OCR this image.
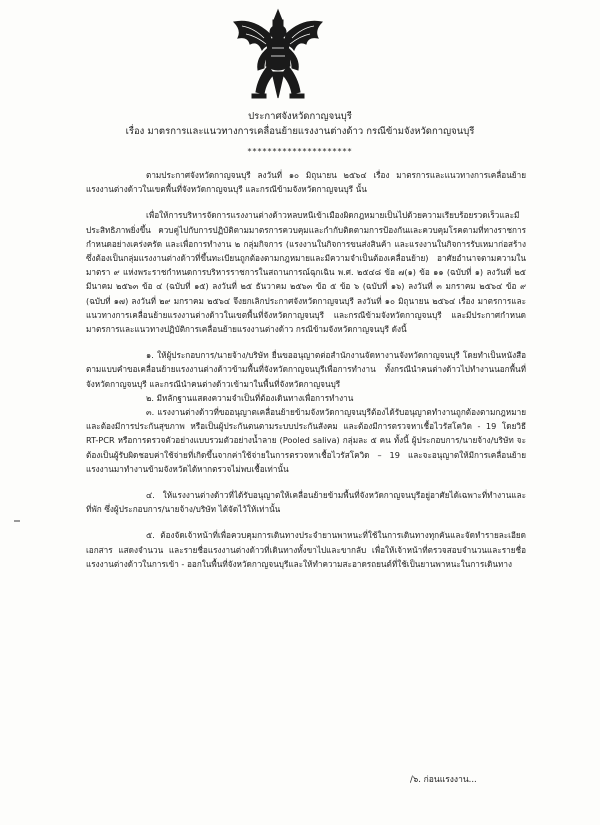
ประกาศจังหวัดกาญจนบุรี
เรื่อง มาตรการและแนวทางการเคลื่อนย้ายแรงงานต่างด้าว กรณีข้ามจังหวัดกาญจนบุรี
*********************

ตามประกาศจังหวัดกาญจนบุรี ลงวันที่ ๑๐ มิถุนายน ๒๕๖๔ เรื่อง มาตรการและแนวทางการเคลื่อนย้ายแรงงานต่างด้าวในเขตพื้นที่จังหวัดกาญจนบุรี และกรณีข้ามจังหวัดกาญจนบุรี นั้น

เพื่อให้การบริหารจัดการแรงงานต่างด้าวหลบหนีเข้าเมืองผิดกฎหมายเป็นไปด้วยความเรียบร้อยรวดเร็วและมีประสิทธิภาพยิ่งขึ้น ควบคู่ไปกับการปฏิบัติตามมาตรการควบคุมและกำกับติดตามการป้องกันและควบคุมโรคตามที่ทางราชการกำหนดอย่างเคร่งครัด และเพื่อการทำงาน ๒ กลุ่มกิจการ (แรงงานในกิจการขนส่งสินค้า และแรงงานในกิจการรับเหมาก่อสร้าง ซึ่งต้องเป็นกลุ่มแรงงานต่างด้าวที่ขึ้นทะเบียนถูกต้องตามกฎหมายและมีความจำเป็นต้องเคลื่อนย้าย) อาศัยอำนาจตามความในมาตรา ๙ แห่งพระราชกำหนดการบริหารราชการในสถานการณ์ฉุกเฉิน พ.ศ. ๒๕๔๘ ข้อ ๗(๑) ข้อ ๑๑ (ฉบับที่ ๑) ลงวันที่ ๒๕ มีนาคม ๒๕๖๓ ข้อ ๔ (ฉบับที่ ๑๕) ลงวันที่ ๒๕ ธันวาคม ๒๕๖๓ ข้อ ๕ ข้อ ๖ (ฉบับที่ ๑๖) ลงวันที่ ๓ มกราคม ๒๕๖๔ ข้อ ๙ (ฉบับที่ ๑๗) ลงวันที่ ๒๙ มกราคม ๒๕๖๔ จึงยกเลิกประกาศจังหวัดกาญจนบุรี ลงวันที่ ๑๐ มิถุนายน ๒๕๖๔ เรื่อง มาตรการและแนวทางการเคลื่อนย้ายแรงงานต่างด้าวในเขตพื้นที่จังหวัดกาญจนบุรี และกรณีข้ามจังหวัดกาญจนบุรี และมีประกาศกำหนดมาตรการและแนวทางปฏิบัติการเคลื่อนย้ายแรงงานต่างด้าว กรณีข้ามจังหวัดกาญจนบุรี ดังนี้

๑. ให้ผู้ประกอบการ/นายจ้าง/บริษัท ยื่นขออนุญาตต่อสำนักงานจัดหางานจังหวัดกาญจนบุรี โดยทำเป็นหนังสือตามแบบคำขอเคลื่อนย้ายแรงงานต่างด้าวข้ามพื้นที่จังหวัดกาญจนบุรีเพื่อการทำงาน ทั้งกรณีนำคนต่างด้าวไปทำงานนอกพื้นที่จังหวัดกาญจนบุรี และกรณีนำคนต่างด้าวเข้ามาในพื้นที่จังหวัดกาญจนบุรี

๒. มีหลักฐานแสดงความจำเป็นที่ต้องเดินทางเพื่อการทำงาน

๓. แรงงานต่างด้าวที่ขออนุญาตเคลื่อนย้ายข้ามจังหวัดกาญจนบุรีต้องได้รับอนุญาตทำงานถูกต้องตามกฎหมายและต้องมีการประกันสุขภาพ หรือเป็นผู้ประกันตนตามระบบประกันสังคม และต้องมีการตรวจหาเชื้อไวรัสโควิด - 19 โดยวิธี RT-PCR หรือการตรวจตัวอย่างแบบรวมตัวอย่างน้ำลาย (Pooled saliva) กลุ่มละ ๕ คน ทั้งนี้ ผู้ประกอบการ/นายจ้าง/บริษัท จะต้องเป็นผู้รับผิดชอบค่าใช้จ่ายที่เกิดขึ้นจากค่าใช้จ่ายในการตรวจหาเชื้อไวรัสโควิด – 19 และจะอนุญาตให้มีการเคลื่อนย้ายแรงงานมาทำงานข้ามจังหวัดได้หากตรวจไม่พบเชื้อเท่านั้น

๔. ให้แรงงานต่างด้าวที่ได้รับอนุญาตให้เคลื่อนย้ายข้ามพื้นที่จังหวัดกาญจนบุรีอยู่อาศัยได้เฉพาะที่ทำงานและที่พัก ซึ่งผู้ประกอบการ/นายจ้าง/บริษัท ได้จัดไว้ให้เท่านั้น

๕. ต้องจัดเจ้าหน้าที่เพื่อควบคุมการเดินทางประจำยานพาหนะที่ใช้ในการเดินทางทุกคันและจัดทำรายละเอียดเอกสาร แสดงจำนวน และรายชื่อแรงงานต่างด้าวที่เดินทางทั้งขาไปและขากลับ เพื่อให้เจ้าหน้าที่ตรวจสอบจำนวนและรายชื่อแรงงานต่างด้าวในการเข้า - ออกในพื้นที่จังหวัดกาญจนบุรีและให้ทำความสะอาดรถยนต์ที่ใช้เป็นยานพาหนะในการเดินทาง

/๖. ก่อนแรงงาน...
